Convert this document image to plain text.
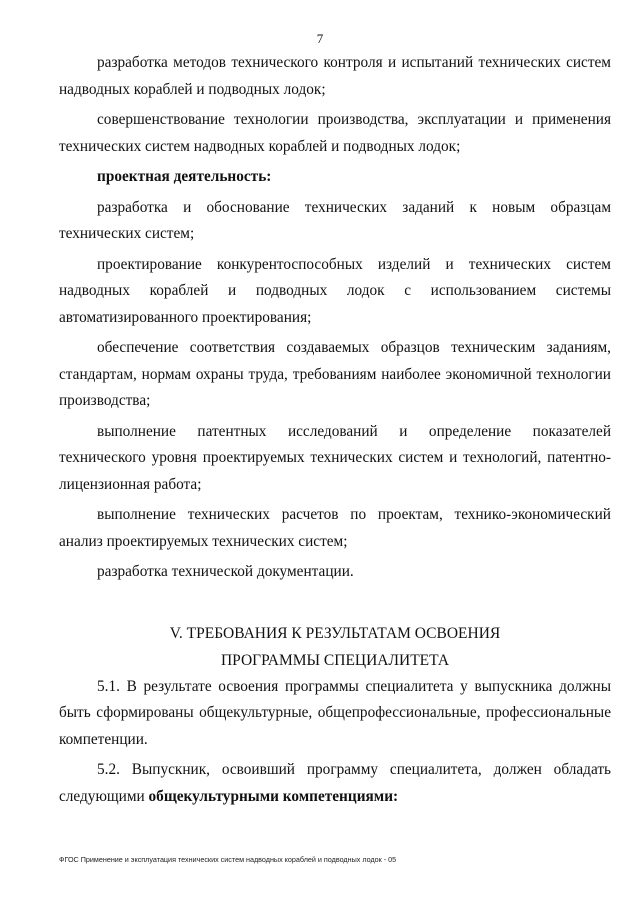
7

разработка методов технического контроля и испытаний технических систем надводных кораблей и подводных лодок;

совершенствование технологии производства, эксплуатации и применения технических систем надводных кораблей и подводных лодок;

проектная деятельность:

разработка и обоснование технических заданий к новым образцам технических систем;

проектирование конкурентоспособных изделий и технических систем надводных кораблей и подводных лодок с использованием системы автоматизированного проектирования;

обеспечение соответствия создаваемых образцов техническим заданиям, стандартам, нормам охраны труда, требованиям наиболее экономичной технологии производства;

выполнение патентных исследований и определение показателей технического уровня проектируемых технических систем и технологий, патентно-лицензионная работа;

выполнение технических расчетов по проектам, технико-экономический анализ проектируемых технических систем;

разработка технической документации.

V. ТРЕБОВАНИЯ К РЕЗУЛЬТАТАМ ОСВОЕНИЯ
ПРОГРАММЫ СПЕЦИАЛИТЕТА

5.1. В результате освоения программы специалитета у выпускника должны быть сформированы общекультурные, общепрофессиональные, профессиональные компетенции.

5.2. Выпускник, освоивший программу специалитета, должен обладать следующими общекультурными компетенциями:

ФГОС Применение и эксплуатация технических систем надводных кораблей и подводных лодок - 05
